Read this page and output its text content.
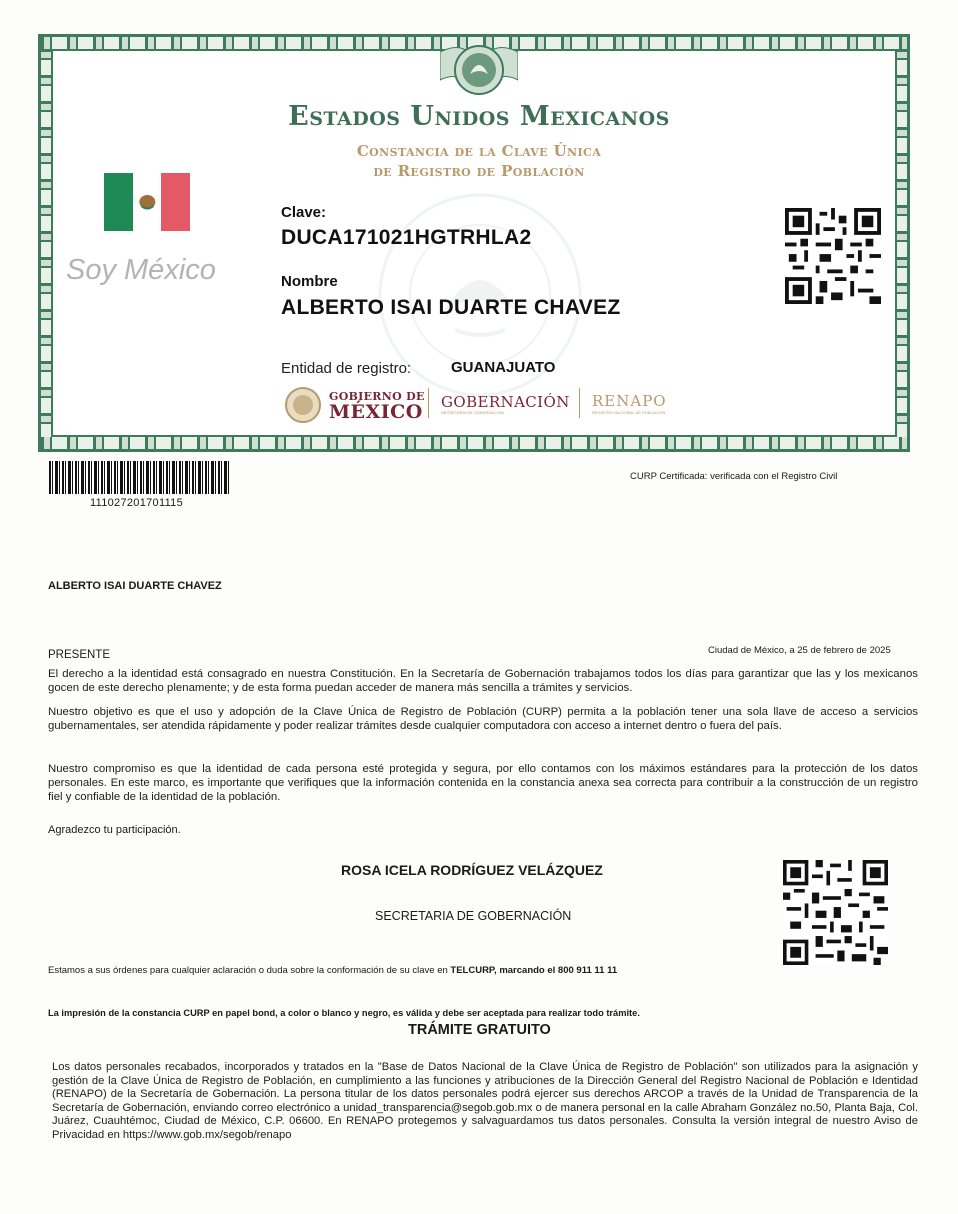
Estados Unidos Mexicanos
Constancia de la Clave Única
de Registro de Población
Soy México
Clave:
DUCA171021HGTRHLA2
Nombre
ALBERTO ISAI DUARTE CHAVEZ
Entidad de registro:	GUANAJUATO
GOBIERNO DE
MÉXICO GOBERNACIÓN
SECRETARÍA DE GOBERNACIÓN
RENAPO
REGISTRO NACIONAL DE POBLACIÓN
111027201701115
CURP Certificada: verificada con el Registro Civil
ALBERTO ISAI DUARTE CHAVEZ
PRESENTE	Ciudad de México, a 25 de febrero de 2025
El derecho a la identidad está consagrado en nuestra Constitución. En la Secretaría de Gobernación trabajamos todos los días para garantizar que las y los mexicanos gocen de este derecho plenamente; y de esta forma puedan acceder de manera más sencilla a trámites y servicios.
Nuestro objetivo es que el uso y adopción de la Clave Única de Registro de Población (CURP) permita a la población tener una sola llave de acceso a servicios gubernamentales, ser atendida rápidamente y poder realizar trámites desde cualquier computadora con acceso a internet dentro o fuera del país.
Nuestro compromiso es que la identidad de cada persona esté protegida y segura, por ello contamos con los máximos estándares para la protección de los datos personales. En este marco, es importante que verifiques que la información contenida en la constancia anexa sea correcta para contribuir a la construcción de un registro fiel y confiable de la identidad de la población.
Agradezco tu participación.
ROSA ICELA RODRÍGUEZ VELÁZQUEZ
SECRETARIA DE GOBERNACIÓN
Estamos a sus órdenes para cualquier aclaración o duda sobre la conformación de su clave en TELCURP, marcando el 800 911 11 11
La impresión de la constancia CURP en papel bond, a color o blanco y negro, es válida y debe ser aceptada para realizar todo trámite.
TRÁMITE GRATUITO
Los datos personales recabados, incorporados y tratados en la "Base de Datos Nacional de la Clave Única de Registro de Población" son utilizados para la asignación y gestión de la Clave Única de Registro de Población, en cumplimiento a las funciones y atribuciones de la Dirección General del Registro Nacional de Población e Identidad (RENAPO) de la Secretaría de Gobernación. La persona titular de los datos personales podrá ejercer sus derechos ARCOP a través de la Unidad de Transparencia de la Secretaría de Gobernación, enviando correo electrónico a unidad_transparencia@segob.gob.mx o de manera personal en la calle Abraham González no.50, Planta Baja, Col. Juárez, Cuauhtémoc, Ciudad de México, C.P. 06600. En RENAPO protegemos y salvaguardamos tus datos personales. Consulta la versión integral de nuestro Aviso de Privacidad en https://www.gob.mx/segob/renapo
